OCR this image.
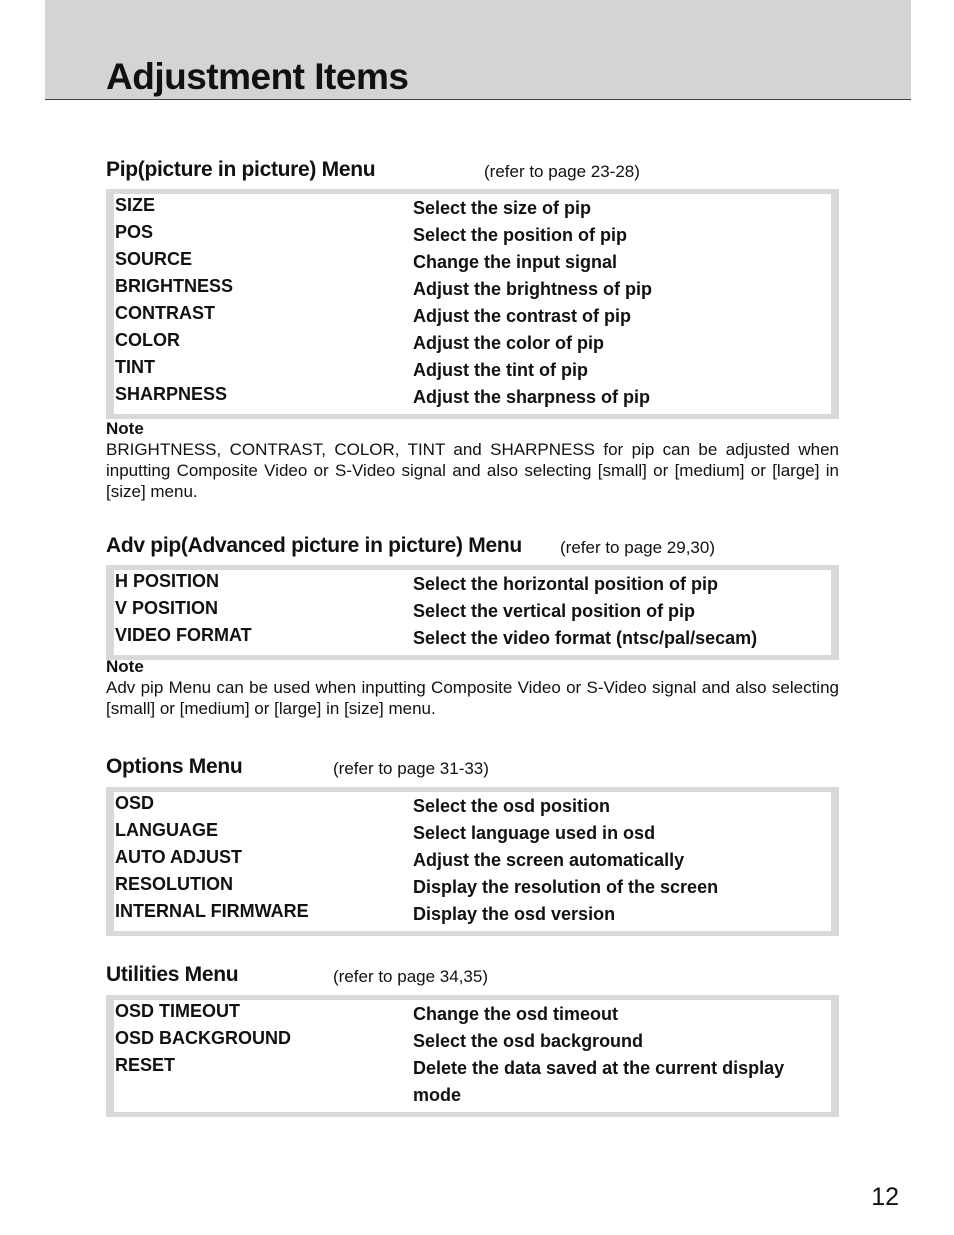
Adjustment Items
Pip(picture in picture) Menu	(refer to page 23-28)
SIZE	Select the size of pip
POS	Select the position of pip
SOURCE	Change the input signal
BRIGHTNESS	Adjust the brightness of pip
CONTRAST	Adjust the contrast of pip
COLOR	Adjust the color of pip
TINT	Adjust the tint of pip
SHARPNESS	Adjust the sharpness of pip
Note
BRIGHTNESS, CONTRAST, COLOR, TINT and SHARPNESS for pip can be adjusted when inputting Composite Video or S-Video signal and also selecting [small] or [medium] or [large] in [size] menu.
Adv pip(Advanced picture in picture) Menu (refer to page 29,30)
H POSITION	Select the horizontal position of pip
V POSITION	Select the vertical position of pip
VIDEO FORMAT	Select the video format (ntsc/pal/secam)
Note
Adv pip Menu can be used when inputting Composite Video or S-Video signal and also selecting [small] or [medium] or [large] in [size] menu.
Options Menu	(refer to page 31-33)
OSD	Select the osd position
LANGUAGE	Select language used in osd
AUTO ADJUST	Adjust the screen automatically
RESOLUTION	Display the resolution of the screen
INTERNAL FIRMWARE	Display the osd version
Utilities Menu	(refer to page 34,35)
OSD TIMEOUT	Change the osd timeout
OSD BACKGROUND	Select the osd background
RESET	Delete the data saved at the current display mode
12
